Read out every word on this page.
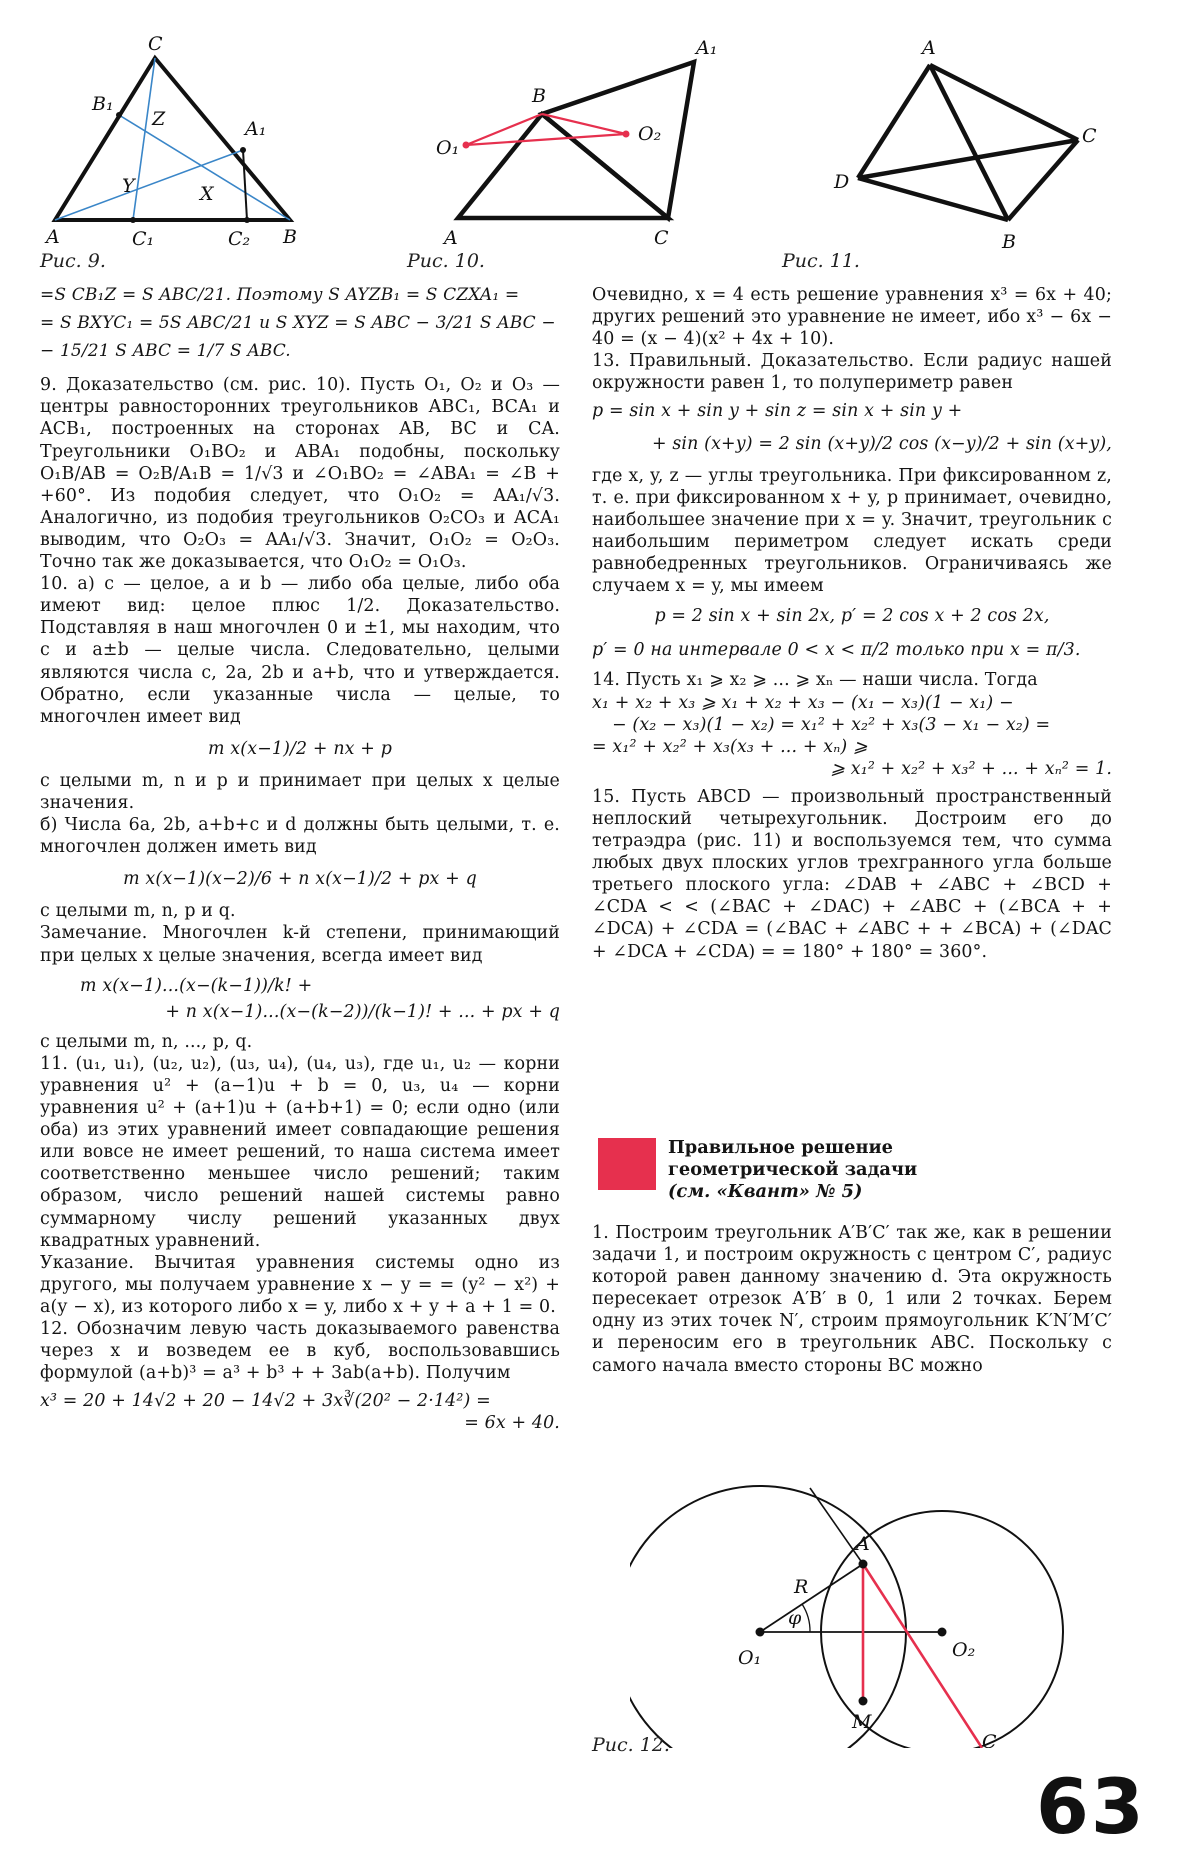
C
B₁
Z	A₁
Y	X
A	C₁	C₂ B
Рис. 9.
A₁
B
O₂
O₁
A	C
Рис. 10.
A
C
D
B
Рис. 11.

=S CB₁Z = S ABC/21. Поэтому S AYZB₁ = S CZXA₁ =

= S BXYC₁ = 5S ABC/21 и S XYZ = S ABC − 3/21 S ABC −

− 15/21 S ABC = 1/7 S ABC.

9. Доказательство (см. рис. 10). Пусть O₁, O₂ и O₃ — центры равносторонних треугольников ABC₁, BCA₁ и ACB₁, построенных на сторонах AB, BC и CA. Треугольники O₁BO₂ и ABA₁ подобны, поскольку O₁B/AB = O₂B/A₁B = 1/√3 и ∠O₁BO₂ = ∠ABA₁ = ∠B + +60°. Из подобия следует, что O₁O₂ = AA₁/√3. Аналогично, из подобия треугольников O₂CO₃ и ACA₁ выводим, что O₂O₃ = AA₁/√3. Значит, O₁O₂ = O₂O₃. Точно так же доказывается, что O₁O₂ = O₁O₃.

10. а) c — целое, a и b — либо оба целые, либо оба имеют вид: целое плюс 1/2. Доказательство. Подставляя в наш многочлен 0 и ±1, мы находим, что c и a±b — целые числа. Следовательно, целыми являются числа c, 2a, 2b и a+b, что и утверждается. Обратно, если указанные числа — целые, то многочлен имеет вид

m x(x−1)/2 + nx + p

с целыми m, n и p и принимает при целых x целые значения.

б) Числа 6a, 2b, a+b+c и d должны быть целыми, т. е. многочлен должен иметь вид

m x(x−1)(x−2)/6 + n x(x−1)/2 + px + q

с целыми m, n, p и q.

Замечание. Многочлен k-й степени, принимающий при целых x целые значения, всегда имеет вид

m x(x−1)...(x−(k−1))/k! +

+ n x(x−1)...(x−(k−2))/(k−1)! + ... + px + q

с целыми m, n, ..., p, q.

11. (u₁, u₁), (u₂, u₂), (u₃, u₄), (u₄, u₃), где u₁, u₂ — корни уравнения u² + (a−1)u + b = 0, u₃, u₄ — корни уравнения u² + (a+1)u + (a+b+1) = 0; если одно (или оба) из этих уравнений имеет совпадающие решения или вовсе не имеет решений, то наша система имеет соответственно меньшее число решений; таким образом, число решений нашей системы равно суммарному числу решений указанных двух квадратных уравнений.

Указание. Вычитая уравнения системы одно из другого, мы получаем уравнение x − y = = (y² − x²) + a(y − x), из которого либо x = y, либо x + y + a + 1 = 0.

12. Обозначим левую часть доказываемого равенства через x и возведем ее в куб, воспользовавшись формулой (a+b)³ = a³ + b³ + + 3ab(a+b). Получим

x³ = 20 + 14√2 + 20 − 14√2 + 3x∛(20² − 2·14²) =

= 6x + 40.

Очевидно, x = 4 есть решение уравнения x³ = 6x + 40; других решений это уравнение не имеет, ибо x³ − 6x − 40 = (x − 4)(x² + 4x + 10).

13. Правильный. Доказательство. Если радиус нашей окружности равен 1, то полупериметр равен

p = sin x + sin y + sin z = sin x + sin y +

+ sin (x+y) = 2 sin (x+y)/2 cos (x−y)/2 + sin (x+y),

где x, y, z — углы треугольника. При фиксированном z, т. е. при фиксированном x + y, p принимает, очевидно, наибольшее значение при x = y. Значит, треугольник с наибольшим периметром следует искать среди равнобедренных треугольников. Ограничиваясь же случаем x = y, мы имеем

p = 2 sin x + sin 2x, p′ = 2 cos x + 2 cos 2x,

p′ = 0 на интервале 0 < x < π/2 только при x = π/3.

14. Пусть x₁ ⩾ x₂ ⩾ ... ⩾ xₙ — наши числа. Тогда

x₁ + x₂ + x₃ ⩾ x₁ + x₂ + x₃ − (x₁ − x₃)(1 − x₁) −

− (x₂ − x₃)(1 − x₂) = x₁² + x₂² + x₃(3 − x₁ − x₂) =

= x₁² + x₂² + x₃(x₃ + ... + xₙ) ⩾

⩾ x₁² + x₂² + x₃² + ... + xₙ² = 1.

15. Пусть ABCD — произвольный пространственный неплоский четырехугольник. Достроим его до тетраэдра (рис. 11) и воспользуемся тем, что сумма любых двух плоских углов трехгранного угла больше третьего плоского угла: ∠DAB + ∠ABC + ∠BCD + ∠CDA < < (∠BAC + ∠DAC) + ∠ABC + (∠BCA + + ∠DCA) + ∠CDA = (∠BAC + ∠ABC + + ∠BCA) + (∠DAC + ∠DCA + ∠CDA) = = 180° + 180° = 360°.

Правильное решение
геометрической задачи
(см. «Квант» № 5)

1. Построим треугольник A′B′C′ так же, как в решении задачи 1, и построим окружность с центром C′, радиус которой равен данному значению d. Эта окружность пересекает отрезок A′B′ в 0, 1 или 2 точках. Берем одну из этих точек N′, строим прямоугольник K′N′M′C′ и переносим его в треугольник ABC. Поскольку с самого начала вместо стороны BC можно

A
R
φ
O₁	O₂
M
C
Рис. 12.
63
